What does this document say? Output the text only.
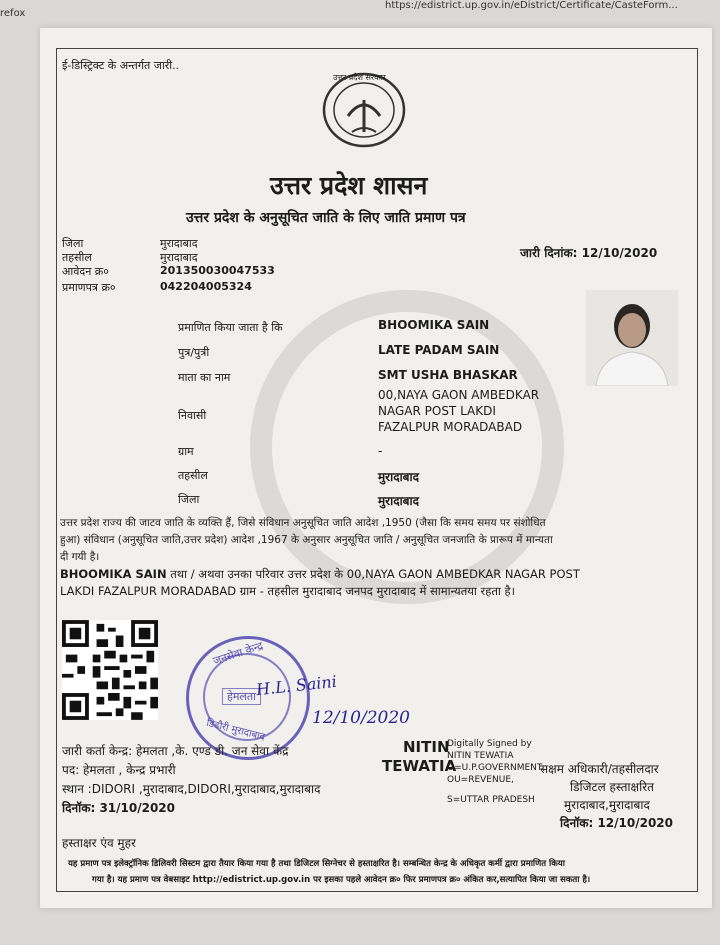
refox
https://edistrict.up.gov.in/eDistrict/Certificate/CasteForm...
ई-डिस्ट्रिक्ट के अन्तर्गत जारी..
उत्तर प्रदेश सरकार
उत्तर प्रदेश शासन
उत्तर प्रदेश के अनुसूचित जाति के लिए जाति प्रमाण पत्र
जिला	मुरादाबाद
तहसील	मुरादाबाद
आवेदन क्र०	201350030047533
प्रमाणपत्र क्र०	042204005324
जारी दिनांक: 12/10/2020
प्रमाणित किया जाता है कि	BHOOMIKA SAIN
पुत्र/पुत्री	LATE PADAM SAIN
माता का नाम	SMT USHA BHASKAR
निवासी
00,NAYA GAON AMBEDKAR
NAGAR POST LAKDI
FAZALPUR MORADABAD
ग्राम	-
तहसील	मुरादाबाद
जिला	मुरादाबाद
उत्तर प्रदेश राज्य की जाटव जाति के व्यक्ति हैं, जिसे संविधान अनुसूचित जाति आदेश ,1950 (जैसा कि समय समय पर संशोधित
हुआ) संविधान (अनुसूचित जाति,उत्तर प्रदेश) आदेश ,1967 के अनुसार अनुसूचित जाति / अनुसूचित जनजाति के प्रारूप में मान्यता
दी गयी है।
BHOOMIKA SAIN तथा / अथवा उनका परिवार उत्तर प्रदेश के 00,NAYA GAON AMBEDKAR NAGAR POST
LAKDI FAZALPUR MORADABAD ग्राम - तहसील मुरादाबाद जनपद मुरादाबाद में सामान्यतया रहता है।
जनसेवा केन्द्र
हेमलता
डिडौरी मुरादाबाद
H.L. Saini
12/10/2020
जारी कर्ता केन्द्र: हेमलता ,के. एण्ड डी. जन सेवा केंद्र
पद: हेमलता , केन्द्र प्रभारी
स्थान :DIDORI ,मुरादाबाद,DIDORI,मुरादाबाद,मुरादाबाद
दिनॉक: 31/10/2020
हस्ताक्षर एंव मुहर
NITIN
TEWATIA
Digitally Signed by
NITIN TEWATIA
O=U.P.GOVERNMENT,
OU=REVENUE,
S=UTTAR PRADESH
सक्षम अधिकारी/तहसीलदार
डिजिटल हस्ताक्षरित
मुरादाबाद,मुरादाबाद
दिनॉक: 12/10/2020
यह प्रमाण पत्र इलेक्ट्रॉनिक डिलिवरी सिस्टम द्वारा तैयार किया गया है तथा डिजिटल सिग्नेचर से हस्ताक्षरित है। सम्बन्धित केन्द्र के अधिकृत कर्मी द्वारा प्रमाणित किया
गया है। यह प्रमाण पत्र वेबसाइट http://edistrict.up.gov.in पर इसका पहले आवेदन क्र० फिर प्रमाणपत्र क्र० अंकित कर,सत्यापित किया जा सकता है।
